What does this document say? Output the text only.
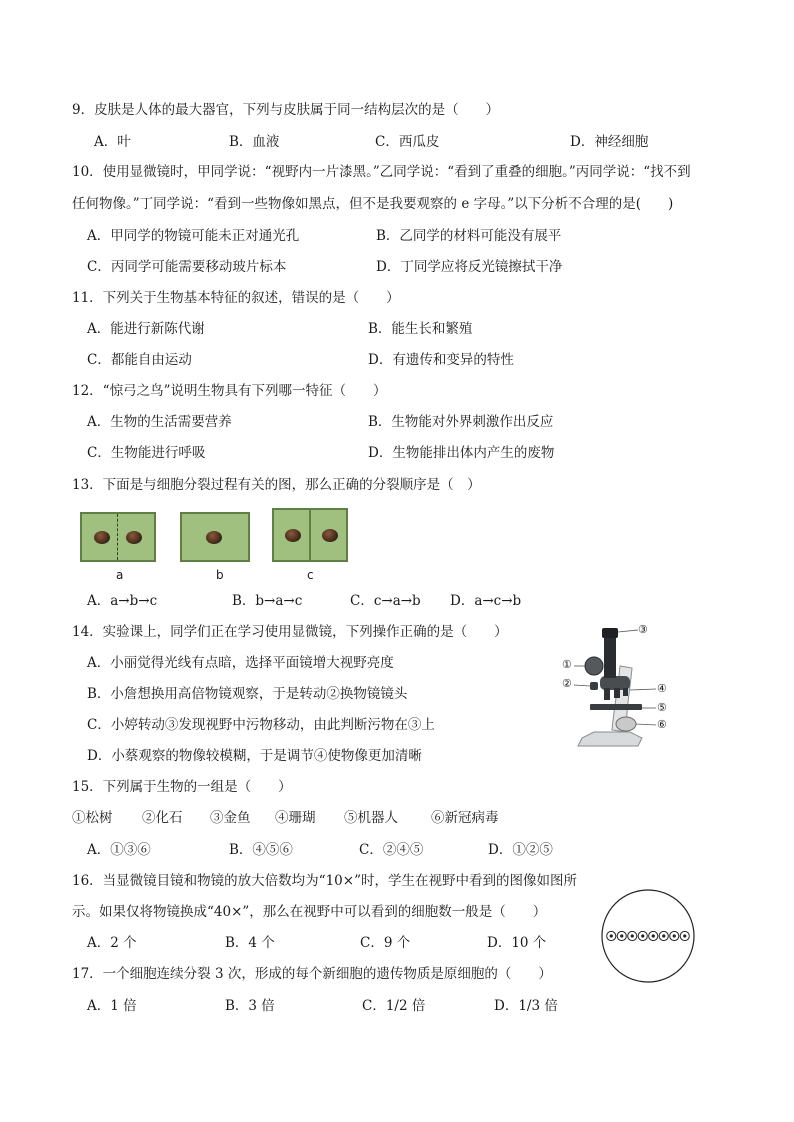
9．皮肤是人体的最大器官，下列与皮肤属于同一结构层次的是（　　）
A．叶	B．血液	C．西瓜皮	D．神经细胞
10．使用显微镜时，甲同学说：“视野内一片漆黑。”乙同学说：“看到了重叠的细胞。”丙同学说：“找不到
任何物像。”丁同学说：“看到一些物像如黑点，但不是我要观察的 e 字母。”以下分析不合理的是(　　)
A．甲同学的物镜可能未正对通光孔	B．乙同学的材料可能没有展平
C．丙同学可能需要移动玻片标本	D．丁同学应将反光镜擦拭干净
11．下列关于生物基本特征的叙述，错误的是（　　）
A．能进行新陈代谢	B．能生长和繁殖
C．都能自由运动	D．有遗传和变异的特性
12．“惊弓之鸟”说明生物具有下列哪一特征（　　）
A．生物的生活需要营养	B．生物能对外界刺激作出反应
C．生物能进行呼吸	D．生物能排出体内产生的废物
13．下面是与细胞分裂过程有关的图，那么正确的分裂顺序是（　）
a	b	c
A．a→b→c	B．b→a→c	C．c→a→b D．a→c→b
14．实验课上，同学们正在学习使用显微镜，下列操作正确的是（　　）
A．小丽觉得光线有点暗，选择平面镜增大视野亮度
B．小詹想换用高倍物镜观察，于是转动②换物镜镜头
C．小婷转动③发现视野中污物移动，由此判断污物在③上
D．小蔡观察的物像较模糊，于是调节④使物像更加清晰
③
①
②	④
⑤
⑥
15．下列属于生物的一组是（　　）
①松树 ②化石 ③金鱼 ④珊瑚 ⑤机器人 ⑥新冠病毒
A．①③⑥	B．④⑤⑥	C．②④⑤	D．①②⑤
16．当显微镜目镜和物镜的放大倍数均为“10×”时，学生在视野中看到的图像如图所
示。如果仅将物镜换成“40×”，那么在视野中可以看到的细胞数一般是（　　）
A．2 个	B．4 个	C．9 个	D．10 个
17．一个细胞连续分裂 3 次，形成的每个新细胞的遗传物质是原细胞的（　　）
A．1 倍	B．3 倍	C．1/2 倍	D．1/3 倍
